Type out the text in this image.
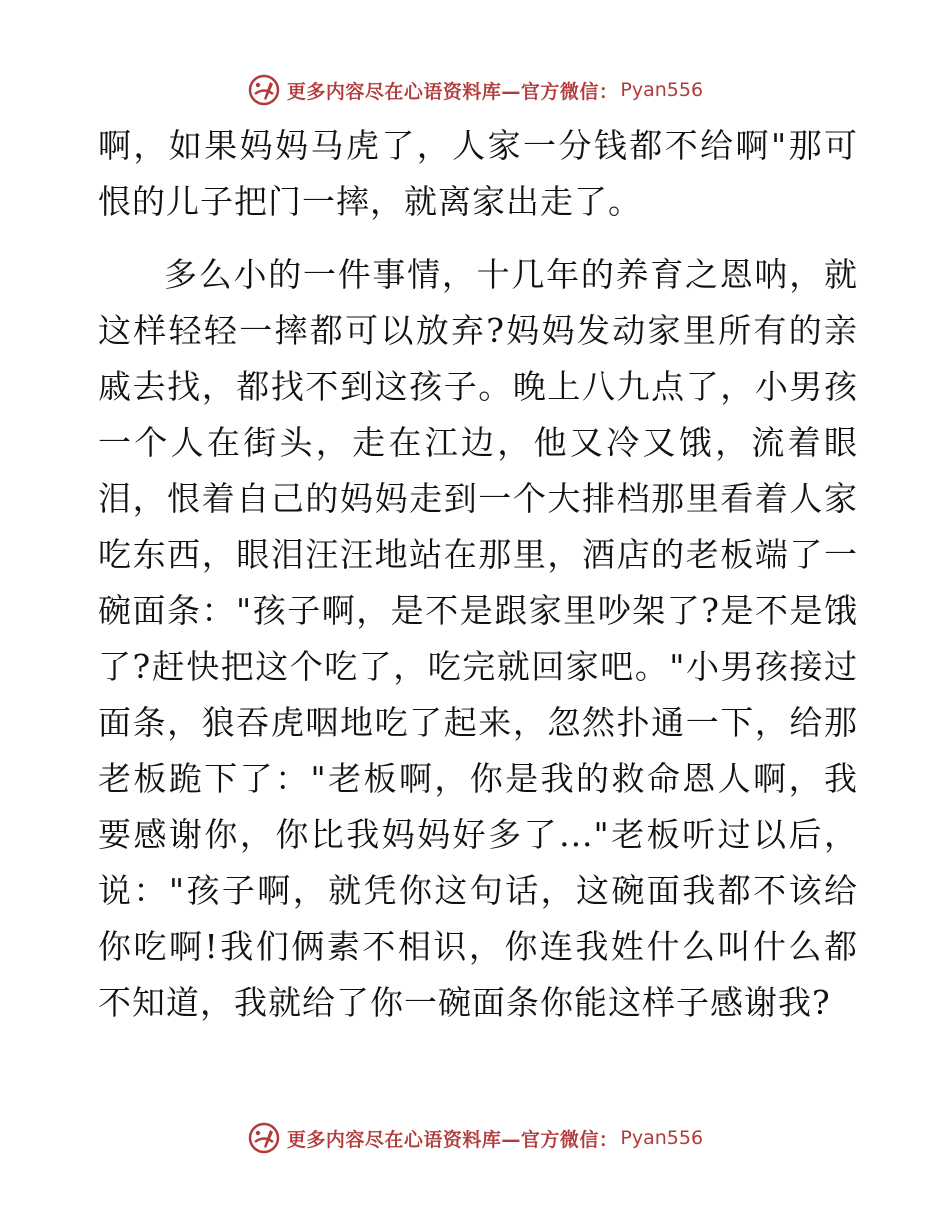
更多内容尽在心语资料库—官方微信： Pyan556

啊，如果妈妈马虎了，人家一分钱都不给啊"那可恨的儿子把门一摔，就离家出走了。

多么小的一件事情，十几年的养育之恩呐，就这样轻轻一摔都可以放弃?妈妈发动家里所有的亲戚去找，都找不到这孩子。晚上八九点了，小男孩一个人在街头，走在江边，他又冷又饿，流着眼泪，恨着自己的妈妈走到一个大排档那里看着人家吃东西，眼泪汪汪地站在那里，酒店的老板端了一碗面条："孩子啊，是不是跟家里吵架了?是不是饿了?赶快把这个吃了，吃完就回家吧。"小男孩接过面条，狼吞虎咽地吃了起来，忽然扑通一下，给那老板跪下了："老板啊，你是我的救命恩人啊，我要感谢你，你比我妈妈好多了..."老板听过以后，说："孩子啊，就凭你这句话，这碗面我都不该给你吃啊!我们俩素不相识，你连我姓什么叫什么都不知道，我就给了你一碗面条你能这样子感谢我?

更多内容尽在心语资料库—官方微信： Pyan556
